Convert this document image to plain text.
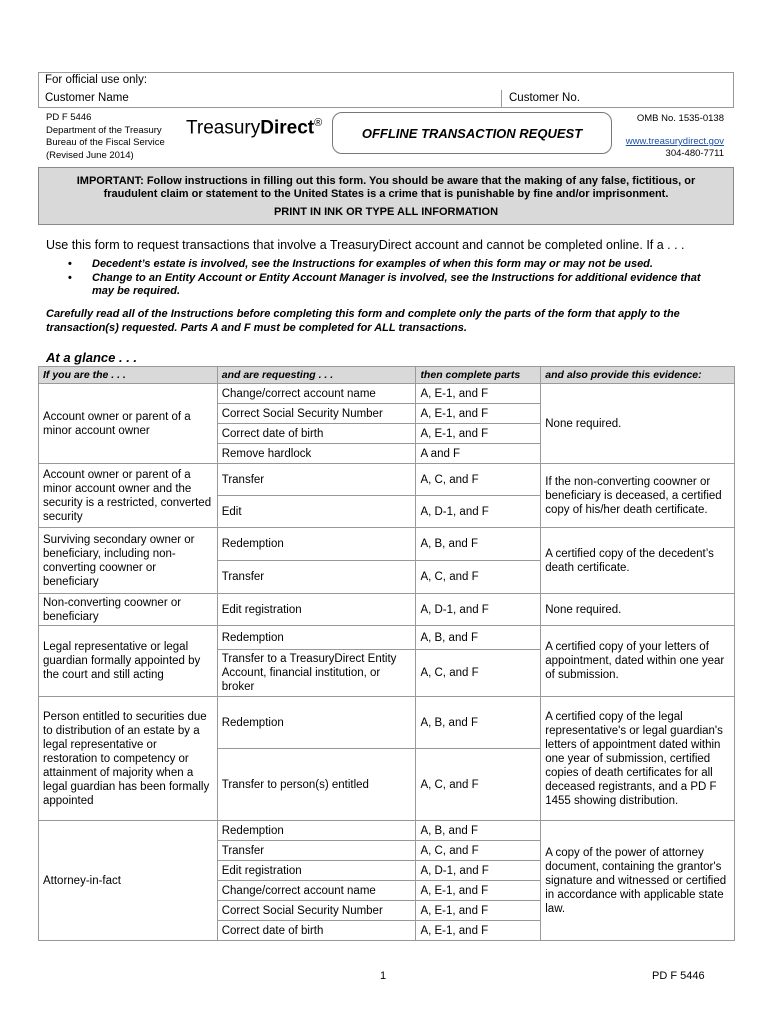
For official use only:
Customer Name	Customer No.
PD F 5446
Department of the Treasury
Bureau of the Fiscal Service
(Revised June 2014)
TreasuryDirect®
OFFLINE TRANSACTION REQUEST
OMB No. 1535-0138
www.treasurydirect.gov
304-480-7711
IMPORTANT: Follow instructions in filling out this form. You should be aware that the making of any false, fictitious, or fraudulent claim or statement to the United States is a crime that is punishable by fine and/or imprisonment.
PRINT IN INK OR TYPE ALL INFORMATION
Use this form to request transactions that involve a TreasuryDirect account and cannot be completed online. If a . . .
• Decedent’s estate is involved, see the Instructions for examples of when this form may or may not be used.
• Change to an Entity Account or Entity Account Manager is involved, see the Instructions for additional evidence that may be required.
Carefully read all of the Instructions before completing this form and complete only the parts of the form that apply to the transaction(s) requested. Parts A and F must be completed for ALL transactions.
At a glance . . .
If you are the . . .	and are requesting . . .	then complete parts	and also provide this evidence:
Account owner or parent of a minor account owner	Change/correct account name	A, E-1, and F	None required.
	Correct Social Security Number	A, E-1, and F	
	Correct date of birth	A, E-1, and F	
	Remove hardlock	A and F	
Account owner or parent of a minor account owner and the security is a restricted, converted security	Transfer	A, C, and F	If the non-converting coowner or beneficiary is deceased, a certified copy of his/her death certificate.
	Edit	A, D-1, and F	
Surviving secondary owner or beneficiary, including non-converting coowner or beneficiary	Redemption	A, B, and F	A certified copy of the decedent’s death certificate.
	Transfer	A, C, and F	
Non-converting coowner or beneficiary	Edit registration	A, D-1, and F	None required.
Legal representative or legal guardian formally appointed by the court and still acting	Redemption	A, B, and F	A certified copy of your letters of appointment, dated within one year of submission.
	Transfer to a TreasuryDirect Entity Account, financial institution, or broker	A, C, and F	
Person entitled to securities due to distribution of an estate by a legal representative or restoration to competency or attainment of majority when a legal guardian has been formally appointed	Redemption	A, B, and F	A certified copy of the legal representative's or legal guardian's letters of appointment dated within one year of submission, certified copies of death certificates for all deceased registrants, and a PD F 1455 showing distribution.
	Transfer to person(s) entitled	A, C, and F	
Attorney-in-fact	Redemption	A, B, and F	A copy of the power of attorney document, containing the grantor's signature and witnessed or certified in accordance with applicable state law.
	Transfer	A, C, and F	
	Edit registration	A, D-1, and F	
	Change/correct account name	A, E-1, and F	
	Correct Social Security Number	A, E-1, and F	
	Correct date of birth	A, E-1, and F	
1	PD F 5446
